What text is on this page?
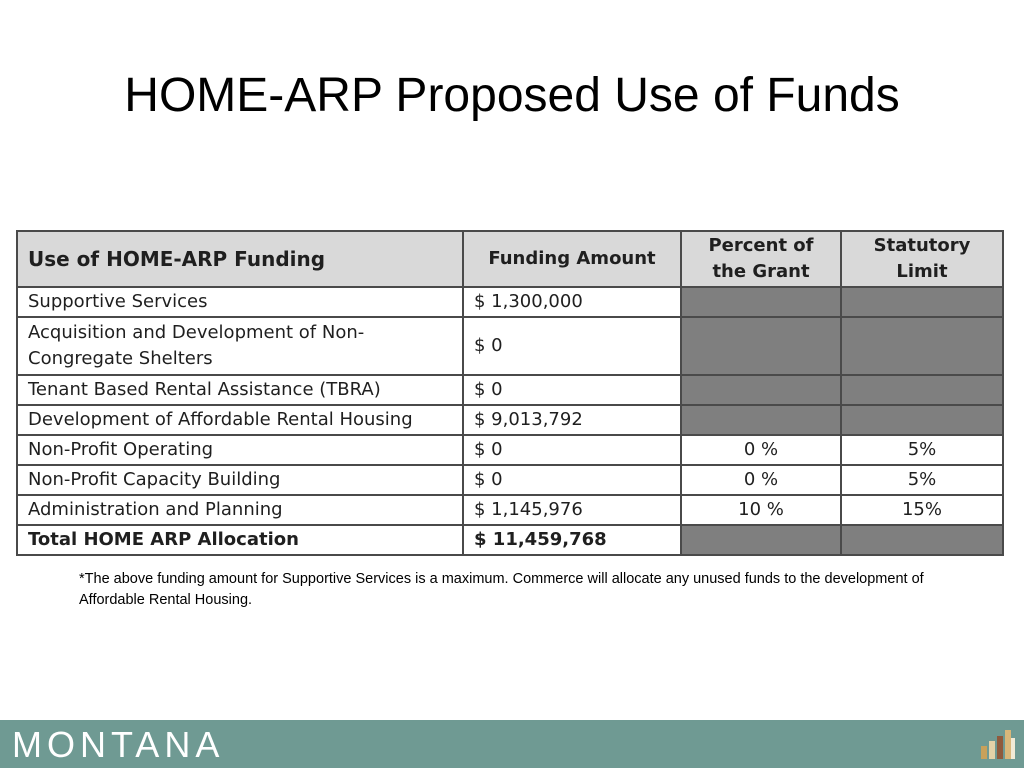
HOME-ARP Proposed Use of Funds
Use of HOME-ARP Funding	Funding Amount	Percent of the Grant	Statutory Limit
Supportive Services	$ 1,300,000		
Acquisition and Development of Non-Congregate Shelters	$ 0		
Tenant Based Rental Assistance (TBRA)	$ 0		
Development of Affordable Rental Housing	$ 9,013,792		
Non-Profit Operating	$ 0	0 %	5%
Non-Profit Capacity Building	$ 0	0 %	5%
Administration and Planning	$ 1,145,976	10 %	15%
Total HOME ARP Allocation	$ 11,459,768		

*The above funding amount for Supportive Services is a maximum. Commerce will allocate any unused funds to the development of Affordable Rental Housing.

MONTANA
